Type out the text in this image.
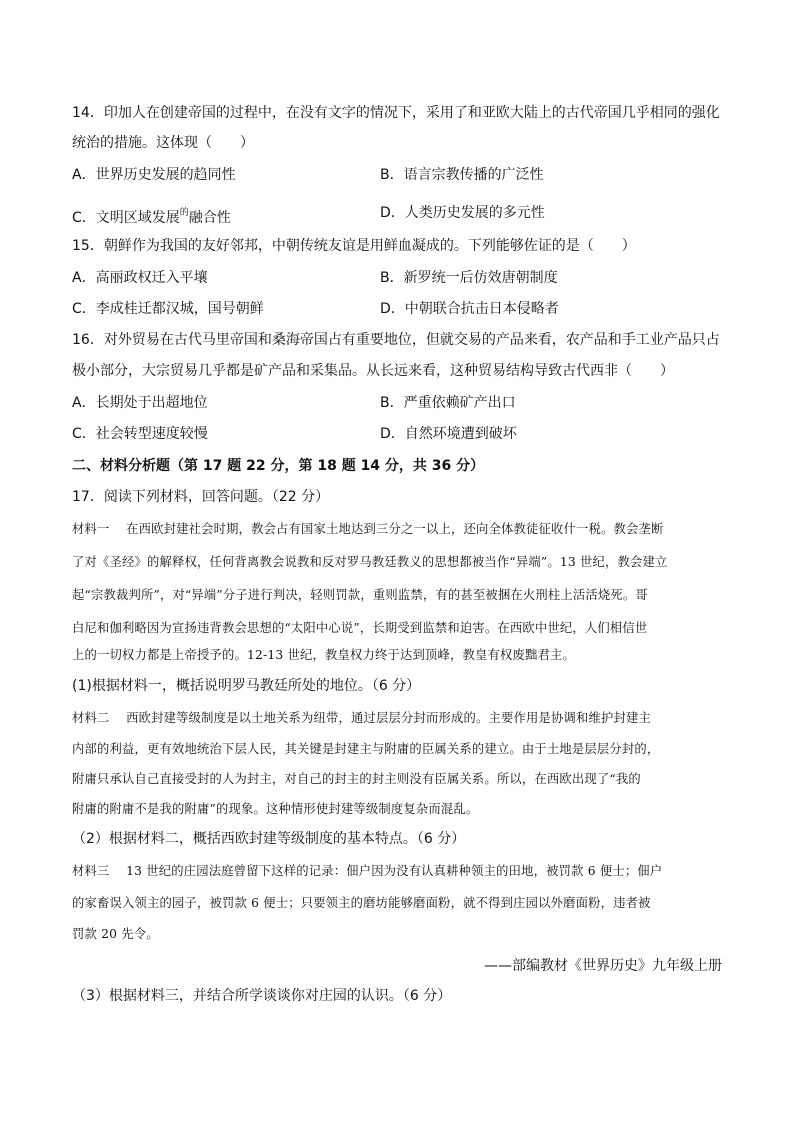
14．印加人在创建帝国的过程中，在没有文字的情况下，采用了和亚欧大陆上的古代帝国几乎相同的强化
统治的措施。这体现（　　）
A．世界历史发展的趋同性	B．语言宗教传播的广泛性
C．文明区域发展$^的$融合性	D．人类历史发展的多元性
15．朝鲜作为我国的友好邻邦，中朝传统友谊是用鲜血凝成的。下列能够佐证的是（　　）
A．高丽政权迁入平壤	B．新罗统一后仿效唐朝制度
C．李成桂迁都汉城，国号朝鲜	D．中朝联合抗击日本侵略者
16．对外贸易在古代马里帝国和桑海帝国占有重要地位，但就交易的产品来看，农产品和手工业产品只占
极小部分，大宗贸易几乎都是矿产品和采集品。从长远来看，这种贸易结构导致古代西非（　　）
A．长期处于出超地位	B．严重依赖矿产出口
C．社会转型速度较慢	D．自然环境遭到破坏
二、材料分析题（第 17 题 22 分，第 18 题 14 分，共 36 分）
17．阅读下列材料，回答问题。（22 分）
材料一　 在西欧封建社会时期，教会占有国家土地达到三分之一以上，还向全体教徒征收什一税。教会垄断
了对《圣经》的解释权，任何背离教会说教和反对罗马教廷教义的思想都被当作“异端”。13 世纪，教会建立
起“宗教裁判所”，对“异端”分子进行判决，轻则罚款，重则监禁，有的甚至被捆在火刑柱上活活烧死。哥
白尼和伽利略因为宣扬违背教会思想的“太阳中心说”，长期受到监禁和迫害。在西欧中世纪，人们相信世
上的一切权力都是上帝授予的。12-13 世纪，教皇权力终于达到顶峰，教皇有权废黜君主。
(1)根据材料一，概括说明罗马教廷所处的地位。（6 分）
材料二　 西欧封建等级制度是以土地关系为纽带，通过层层分封而形成的。主要作用是协调和维护封建主
内部的利益，更有效地统治下层人民，其关键是封建主与附庸的臣属关系的建立。由于土地是层层分封的，
附庸只承认自己直接受封的人为封主，对自己的封主的封主则没有臣属关系。所以，在西欧出现了“我的
附庸的附庸不是我的附庸”的现象。这种情形使封建等级制度复杂而混乱。
（2）根据材料二，概括西欧封建等级制度的基本特点。（6 分）
材料三　 13 世纪的庄园法庭曾留下这样的记录：佃户因为没有认真耕种领主的田地，被罚款 6 便士；佃户
的家畜误入领主的园子，被罚款 6 便士；只要领主的磨坊能够磨面粉，就不得到庄园以外磨面粉，违者被
罚款 20 先令。
——部编教材《世界历史》九年级上册
（3）根据材料三，并结合所学谈谈你对庄园的认识。（6 分）
